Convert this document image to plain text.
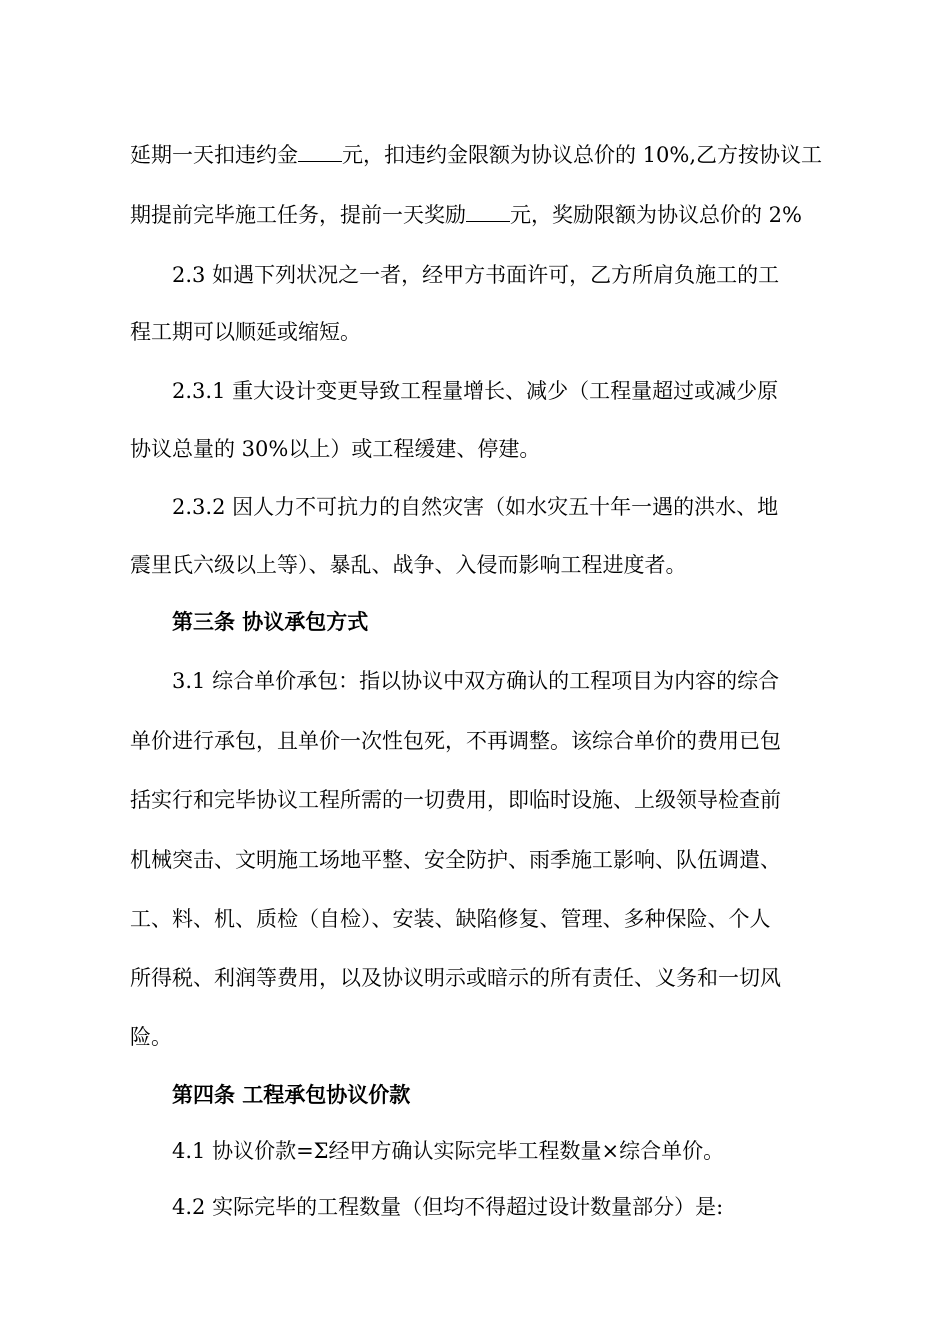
延期一天扣违约金 元，扣违约金限额为协议总价的 10%,乙方按协议工
期提前完毕施工任务，提前一天奖励 元，奖励限额为协议总价的 2%
2.3 如遇下列状况之一者，经甲方书面许可，乙方所肩负施工的工
程工期可以顺延或缩短。
2.3.1 重大设计变更导致工程量增长、减少（工程量超过或减少原
协议总量的 30%以上）或工程缓建、停建。
2.3.2 因人力不可抗力的自然灾害（如水灾五十年一遇的洪水、地
震里氏六级以上等）、暴乱、战争、入侵而影响工程进度者。
第三条 协议承包方式
3.1 综合单价承包：指以协议中双方确认的工程项目为内容的综合
单价进行承包，且单价一次性包死，不再调整。该综合单价的费用已包
括实行和完毕协议工程所需的一切费用，即临时设施、上级领导检查前
机械突击、文明施工场地平整、安全防护、雨季施工影响、队伍调遣、
工、料、机、质检（自检）、安装、缺陷修复、管理、多种保险、个人
所得税、利润等费用，以及协议明示或暗示的所有责任、义务和一切风
险。
第四条 工程承包协议价款
4.1 协议价款=Σ经甲方确认实际完毕工程数量×综合单价。
4.2 实际完毕的工程数量（但均不得超过设计数量部分）是:
